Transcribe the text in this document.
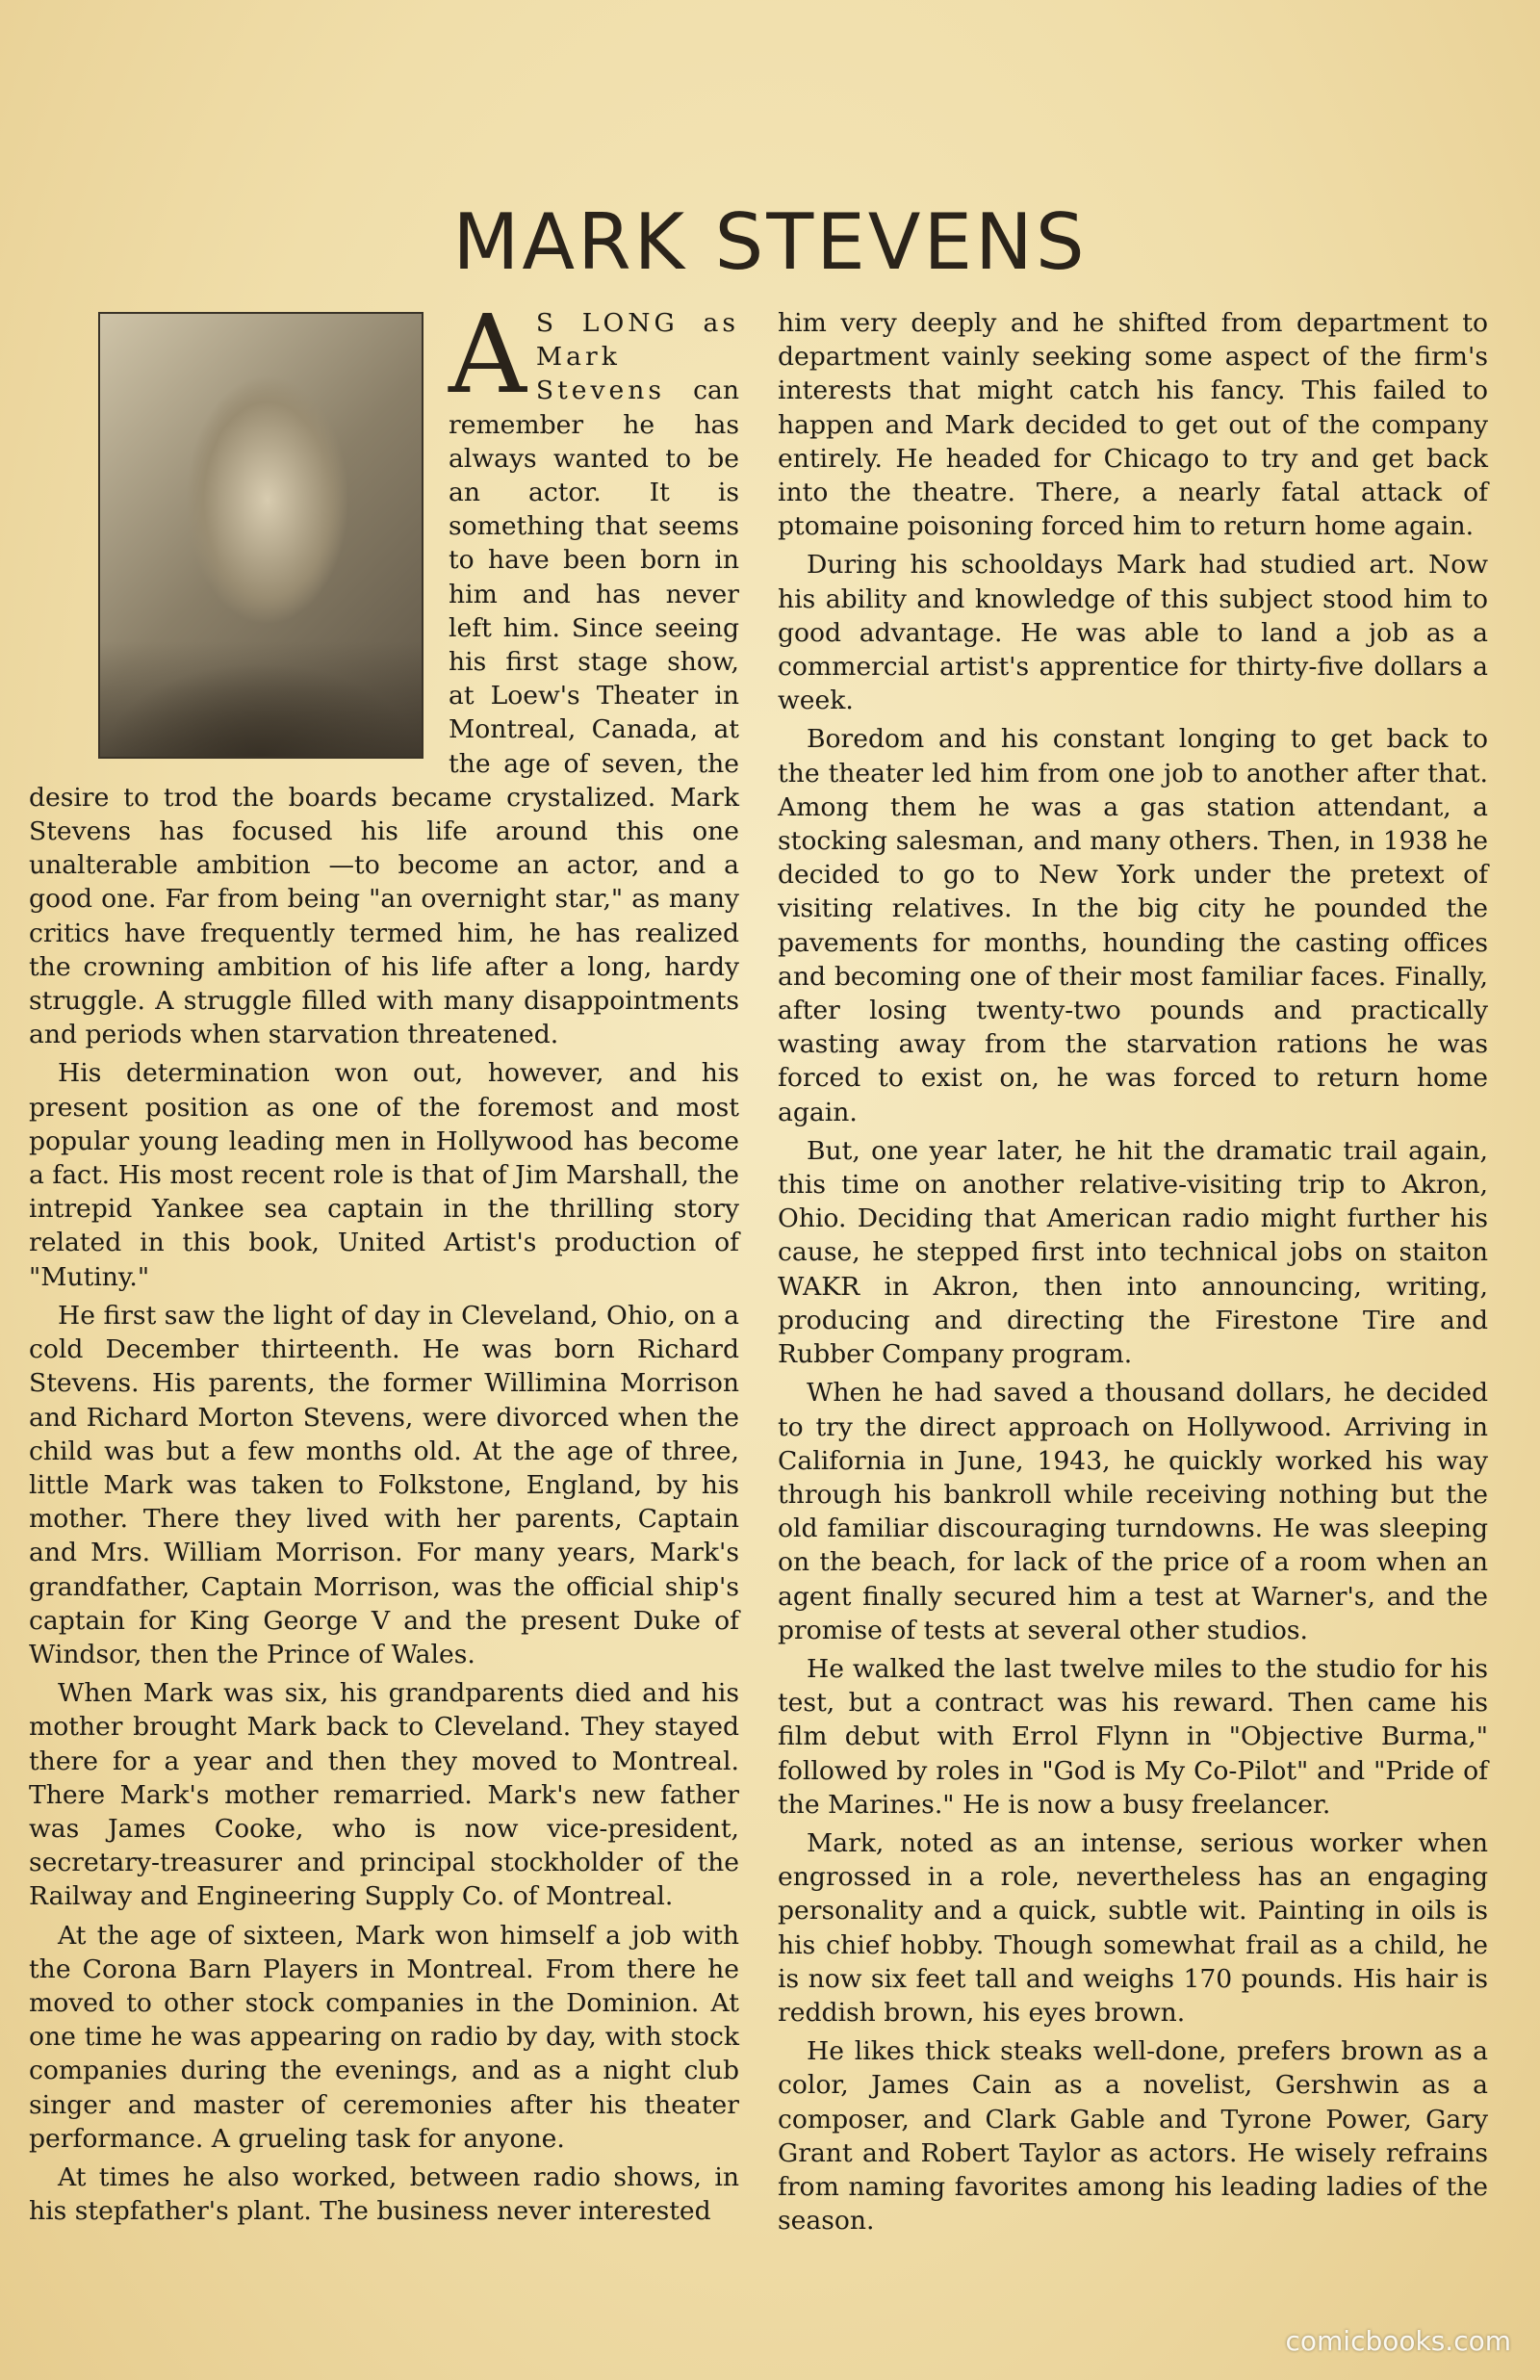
MARK STEVENS

A S LONG as Mark Stevens can remember he has always wanted to be an actor. It is something that seems to have been born in him and has never left him. Since seeing his first stage show, at Loew's Theater in Montreal, Canada, at the age of seven, the desire to trod the boards became crystalized. Mark Stevens has focused his life around this one unalterable ambition —to become an actor, and a good one. Far from being "an overnight star," as many critics have frequently termed him, he has realized the crowning ambition of his life after a long, hardy struggle. A struggle filled with many disappointments and periods when starvation threatened.

His determination won out, however, and his present position as one of the foremost and most popular young leading men in Hollywood has become a fact. His most recent role is that of Jim Marshall, the intrepid Yankee sea captain in the thrilling story related in this book, United Artist's production of "Mutiny."

He first saw the light of day in Cleveland, Ohio, on a cold December thirteenth. He was born Richard Stevens. His parents, the former Willimina Morrison and Richard Morton Stevens, were divorced when the child was but a few months old. At the age of three, little Mark was taken to Folkstone, England, by his mother. There they lived with her parents, Captain and Mrs. William Morrison. For many years, Mark's grandfather, Captain Morrison, was the official ship's captain for King George V and the present Duke of Windsor, then the Prince of Wales.

When Mark was six, his grandparents died and his mother brought Mark back to Cleveland. They stayed there for a year and then they moved to Montreal. There Mark's mother remarried. Mark's new father was James Cooke, who is now vice-president, secretary-treasurer and principal stockholder of the Railway and Engineering Supply Co. of Montreal.

At the age of sixteen, Mark won himself a job with the Corona Barn Players in Montreal. From there he moved to other stock companies in the Dominion. At one time he was appearing on radio by day, with stock companies during the evenings, and as a night club singer and master of ceremonies after his theater performance. A grueling task for anyone.

At times he also worked, between radio shows, in his stepfather's plant. The business never interested

him very deeply and he shifted from department to department vainly seeking some aspect of the firm's interests that might catch his fancy. This failed to happen and Mark decided to get out of the company entirely. He headed for Chicago to try and get back into the theatre. There, a nearly fatal attack of ptomaine poisoning forced him to return home again.

During his schooldays Mark had studied art. Now his ability and knowledge of this subject stood him to good advantage. He was able to land a job as a commercial artist's apprentice for thirty-five dollars a week.

Boredom and his constant longing to get back to the theater led him from one job to another after that. Among them he was a gas station attendant, a stocking salesman, and many others. Then, in 1938 he decided to go to New York under the pretext of visiting relatives. In the big city he pounded the pavements for months, hounding the casting offices and becoming one of their most familiar faces. Finally, after losing twenty-two pounds and practically wasting away from the starvation rations he was forced to exist on, he was forced to return home again.

But, one year later, he hit the dramatic trail again, this time on another relative-visiting trip to Akron, Ohio. Deciding that American radio might further his cause, he stepped first into technical jobs on staiton WAKR in Akron, then into announcing, writing, producing and directing the Firestone Tire and Rubber Company program.

When he had saved a thousand dollars, he decided to try the direct approach on Hollywood. Arriving in California in June, 1943, he quickly worked his way through his bankroll while receiving nothing but the old familiar discouraging turndowns. He was sleeping on the beach, for lack of the price of a room when an agent finally secured him a test at Warner's, and the promise of tests at several other studios.

He walked the last twelve miles to the studio for his test, but a contract was his reward. Then came his film debut with Errol Flynn in "Objective Burma," followed by roles in "God is My Co-Pilot" and "Pride of the Marines." He is now a busy freelancer.

Mark, noted as an intense, serious worker when engrossed in a role, nevertheless has an engaging personality and a quick, subtle wit. Painting in oils is his chief hobby. Though somewhat frail as a child, he is now six feet tall and weighs 170 pounds. His hair is reddish brown, his eyes brown.

He likes thick steaks well-done, prefers brown as a color, James Cain as a novelist, Gershwin as a composer, and Clark Gable and Tyrone Power, Gary Grant and Robert Taylor as actors. He wisely refrains from naming favorites among his leading ladies of the season.

comicbooks.com
